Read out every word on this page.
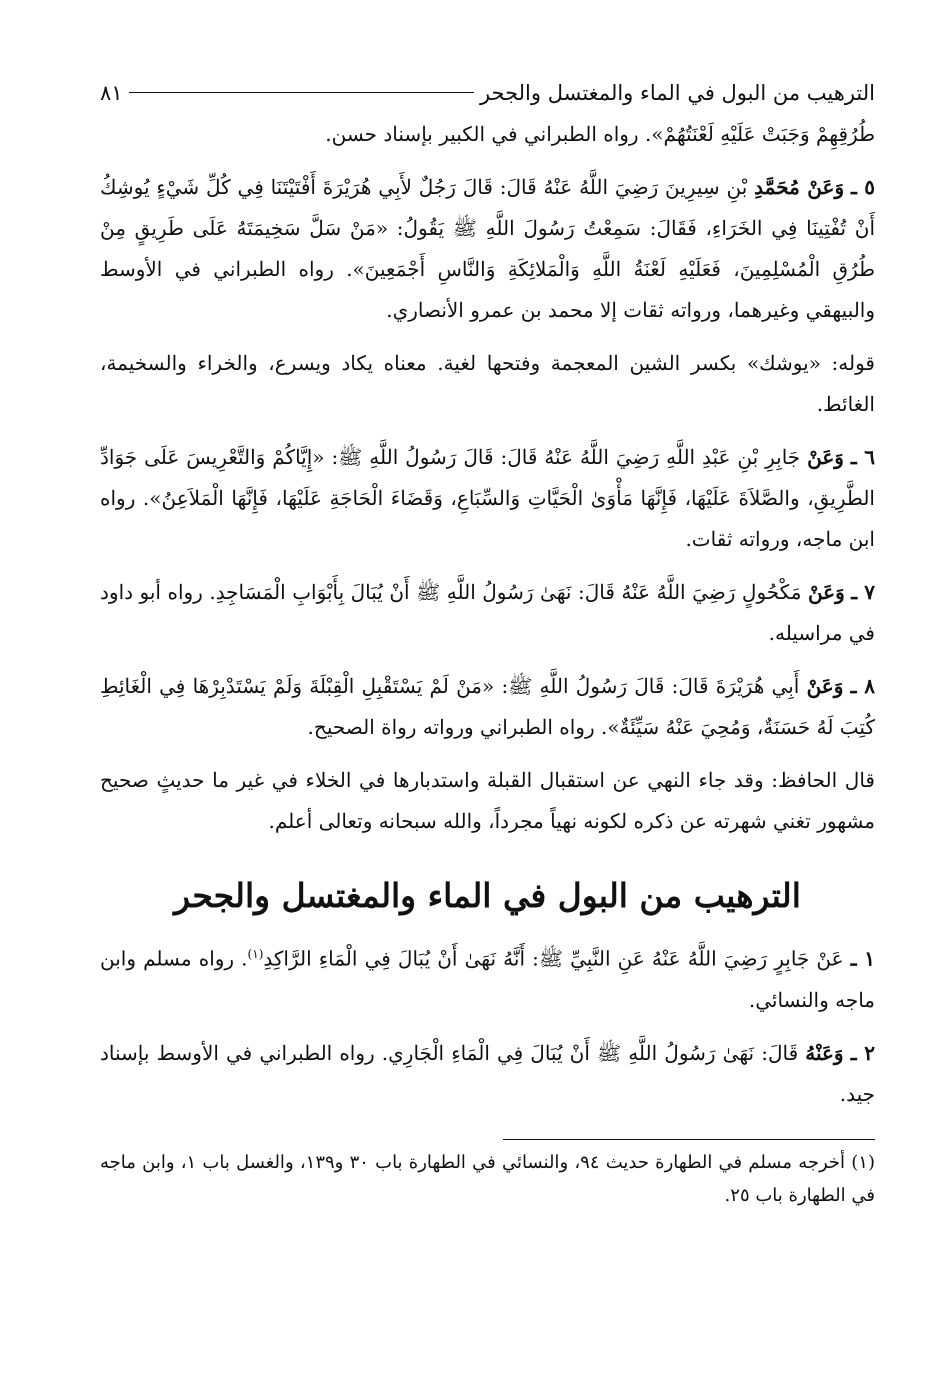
الترهيب من البول في الماء والمغتسل والجحر
٨١

طُرُقِهِمْ وَجَبَتْ عَلَيْهِ لَعْنَتُهُمْ». رواه الطبراني في الكبير بإسناد حسن.

٥ ـ وَعَنْ مُحَمَّدِ بْنِ سِيرِينَ رَضِيَ اللَّهُ عَنْهُ قَالَ: قَالَ رَجُلٌ لأَبِي هُرَيْرَةَ أَفْتَيْتَنَا فِي كُلِّ شَيْءٍ يُوشِكُ أَنْ تُفْتِينَا فِي الخَرَاءِ، فَقَالَ: سَمِعْتُ رَسُولَ اللَّهِ ﷺ يَقُولُ: «مَنْ سَلَّ سَخِيمَتَهُ عَلَى طَرِيقٍ مِنْ طُرُقِ الْمُسْلِمِينَ، فَعَلَيْهِ لَعْنَةُ اللَّهِ وَالْمَلائِكَةِ وَالنَّاسِ أَجْمَعِينَ». رواه الطبراني في الأوسط والبيهقي وغيرهما، ورواته ثقات إلا محمد بن عمرو الأنصاري.

قوله: «يوشك» بكسر الشين المعجمة وفتحها لغية. معناه يكاد ويسرع، والخراء والسخيمة، الغائط.

٦ ـ وَعَنْ جَابِرِ بْنِ عَبْدِ اللَّهِ رَضِيَ اللَّهُ عَنْهُ قَالَ: قَالَ رَسُولُ اللَّهِ ﷺ: «إِيَّاكُمْ وَالتَّعْرِيسَ عَلَى جَوَادِّ الطَّرِيقِ، والصَّلاَةَ عَلَيْهَا، فَإِنَّهَا مَأْوَىٰ الْحَيَّاتِ وَالسِّبَاعِ، وَقَضَاءَ الْحَاجَةِ عَلَيْهَا، فَإِنَّهَا الْمَلاَعِنُ». رواه ابن ماجه، ورواته ثقات.

٧ ـ وَعَنْ مَكْحُولٍ رَضِيَ اللَّهُ عَنْهُ قَالَ: نَهَىٰ رَسُولُ اللَّهِ ﷺ أَنْ يُبَالَ بِأَبْوَابِ الْمَسَاجِدِ. رواه أبو داود في مراسيله.

٨ ـ وَعَنْ أَبِي هُرَيْرَةَ قَالَ: قَالَ رَسُولُ اللَّهِ ﷺ: «مَنْ لَمْ يَسْتَقْبِلِ الْقِبْلَةَ وَلَمْ يَسْتَدْبِرْهَا فِي الْغَائِطِ كُتِبَ لَهُ حَسَنَةٌ، وَمُحِيَ عَنْهُ سَيِّئَةٌ». رواه الطبراني ورواته رواة الصحيح.

قال الحافظ: وقد جاء النهي عن استقبال القبلة واستدبارها في الخلاء في غير ما حديثٍ صحيح مشهور تغني شهرته عن ذكره لكونه نهياً مجرداً، والله سبحانه وتعالى أعلم.

الترهيب من البول في الماء والمغتسل والجحر

١ ـ عَنْ جَابِرٍ رَضِيَ اللَّهُ عَنْهُ عَنِ النَّبِيِّ ﷺ: أَنَّهُ نَهَىٰ أَنْ يُبَالَ فِي الْمَاءِ الرَّاكِدِ$^{(١)}$. رواه مسلم وابن ماجه والنسائي.

٢ ـ وَعَنْهُ قَالَ: نَهَىٰ رَسُولُ اللَّهِ ﷺ أَنْ يُبَالَ فِي الْمَاءِ الْجَارِي. رواه الطبراني في الأوسط بإسناد جيد.

(١) أخرجه مسلم في الطهارة حديث ٩٤، والنسائي في الطهارة باب ٣٠ و١٣٩، والغسل باب ١، وابن ماجه في الطهارة باب ٢٥.
